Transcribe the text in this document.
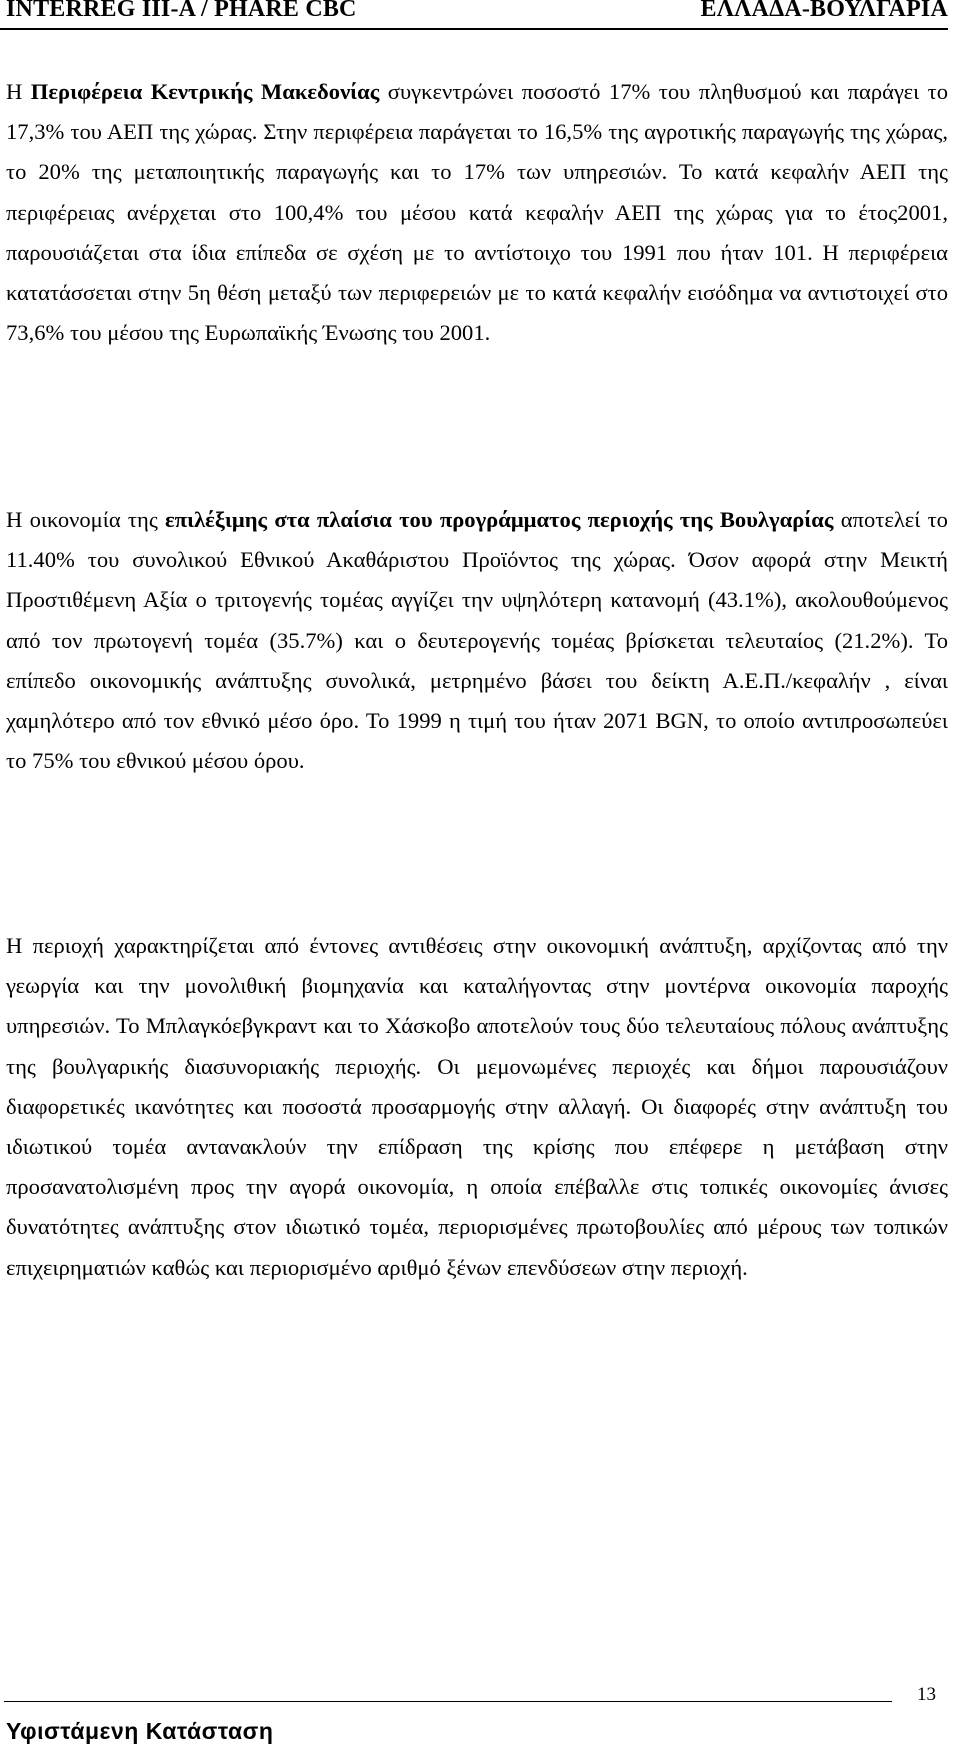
INTERREG III-A / PHARE CBC	ΕΛΛΑΔΑ-ΒΟΥΛΓΑΡΙΑ

Η Περιφέρεια Κεντρικής Μακεδονίας συγκεντρώνει ποσοστό 17% του πληθυσμού και παράγει το 17,3% του ΑΕΠ της χώρας. Στην περιφέρεια παράγεται το 16,5% της αγροτικής παραγωγής της χώρας, το 20% της μεταποιητικής παραγωγής και το 17% των υπηρεσιών. Το κατά κεφαλήν ΑΕΠ της περιφέρειας ανέρχεται στο 100,4% του μέσου κατά κεφαλήν ΑΕΠ της χώρας για το έτος2001, παρουσιάζεται στα ίδια επίπεδα σε σχέση με το αντίστοιχο του 1991 που ήταν 101. Η περιφέρεια κατατάσσεται στην 5η θέση μεταξύ των περιφερειών με το κατά κεφαλήν εισόδημα να αντιστοιχεί στο 73,6% του μέσου της Ευρωπαϊκής Ένωσης του 2001.

Η οικονομία της επιλέξιμης στα πλαίσια του προγράμματος περιοχής της Βουλγαρίας αποτελεί το 11.40% του συνολικού Εθνικού Ακαθάριστου Προϊόντος της χώρας. Όσον αφορά στην Μεικτή Προστιθέμενη Αξία ο τριτογενής τομέας αγγίζει την υψηλότερη κατανομή (43.1%), ακολουθούμενος από τον πρωτογενή τομέα (35.7%) και ο δευτερογενής τομέας βρίσκεται τελευταίος (21.2%). Το επίπεδο οικονομικής ανάπτυξης συνολικά, μετρημένο βάσει του δείκτη Α.Ε.Π./κεφαλήν , είναι χαμηλότερο από τον εθνικό μέσο όρο. Το 1999 η τιμή του ήταν 2071 BGN, το οποίο αντιπροσωπεύει το 75% του εθνικού μέσου όρου.

Η περιοχή χαρακτηρίζεται από έντονες αντιθέσεις στην οικονομική ανάπτυξη, αρχίζοντας από την γεωργία και την μονολιθική βιομηχανία και καταλήγοντας στην μοντέρνα οικονομία παροχής υπηρεσιών. Το Μπλαγκόεβγκραντ και το Χάσκοβο αποτελούν τους δύο τελευταίους πόλους ανάπτυξης της βουλγαρικής διασυνοριακής περιοχής. Οι μεμονωμένες περιοχές και δήμοι παρουσιάζουν διαφορετικές ικανότητες και ποσοστά προσαρμογής στην αλλαγή. Οι διαφορές στην ανάπτυξη του ιδιωτικού τομέα αντανακλούν την επίδραση της κρίσης που επέφερε η μετάβαση στην προσανατολισμένη προς την αγορά οικονομία, η οποία επέβαλλε στις τοπικές οικονομίες άνισες δυνατότητες ανάπτυξης στον ιδιωτικό τομέα, περιορισμένες πρωτοβουλίες από μέρους των τοπικών επιχειρηματιών καθώς και περιορισμένο αριθμό ξένων επενδύσεων στην περιοχή.

Υφιστάμενη Κατάσταση
13
